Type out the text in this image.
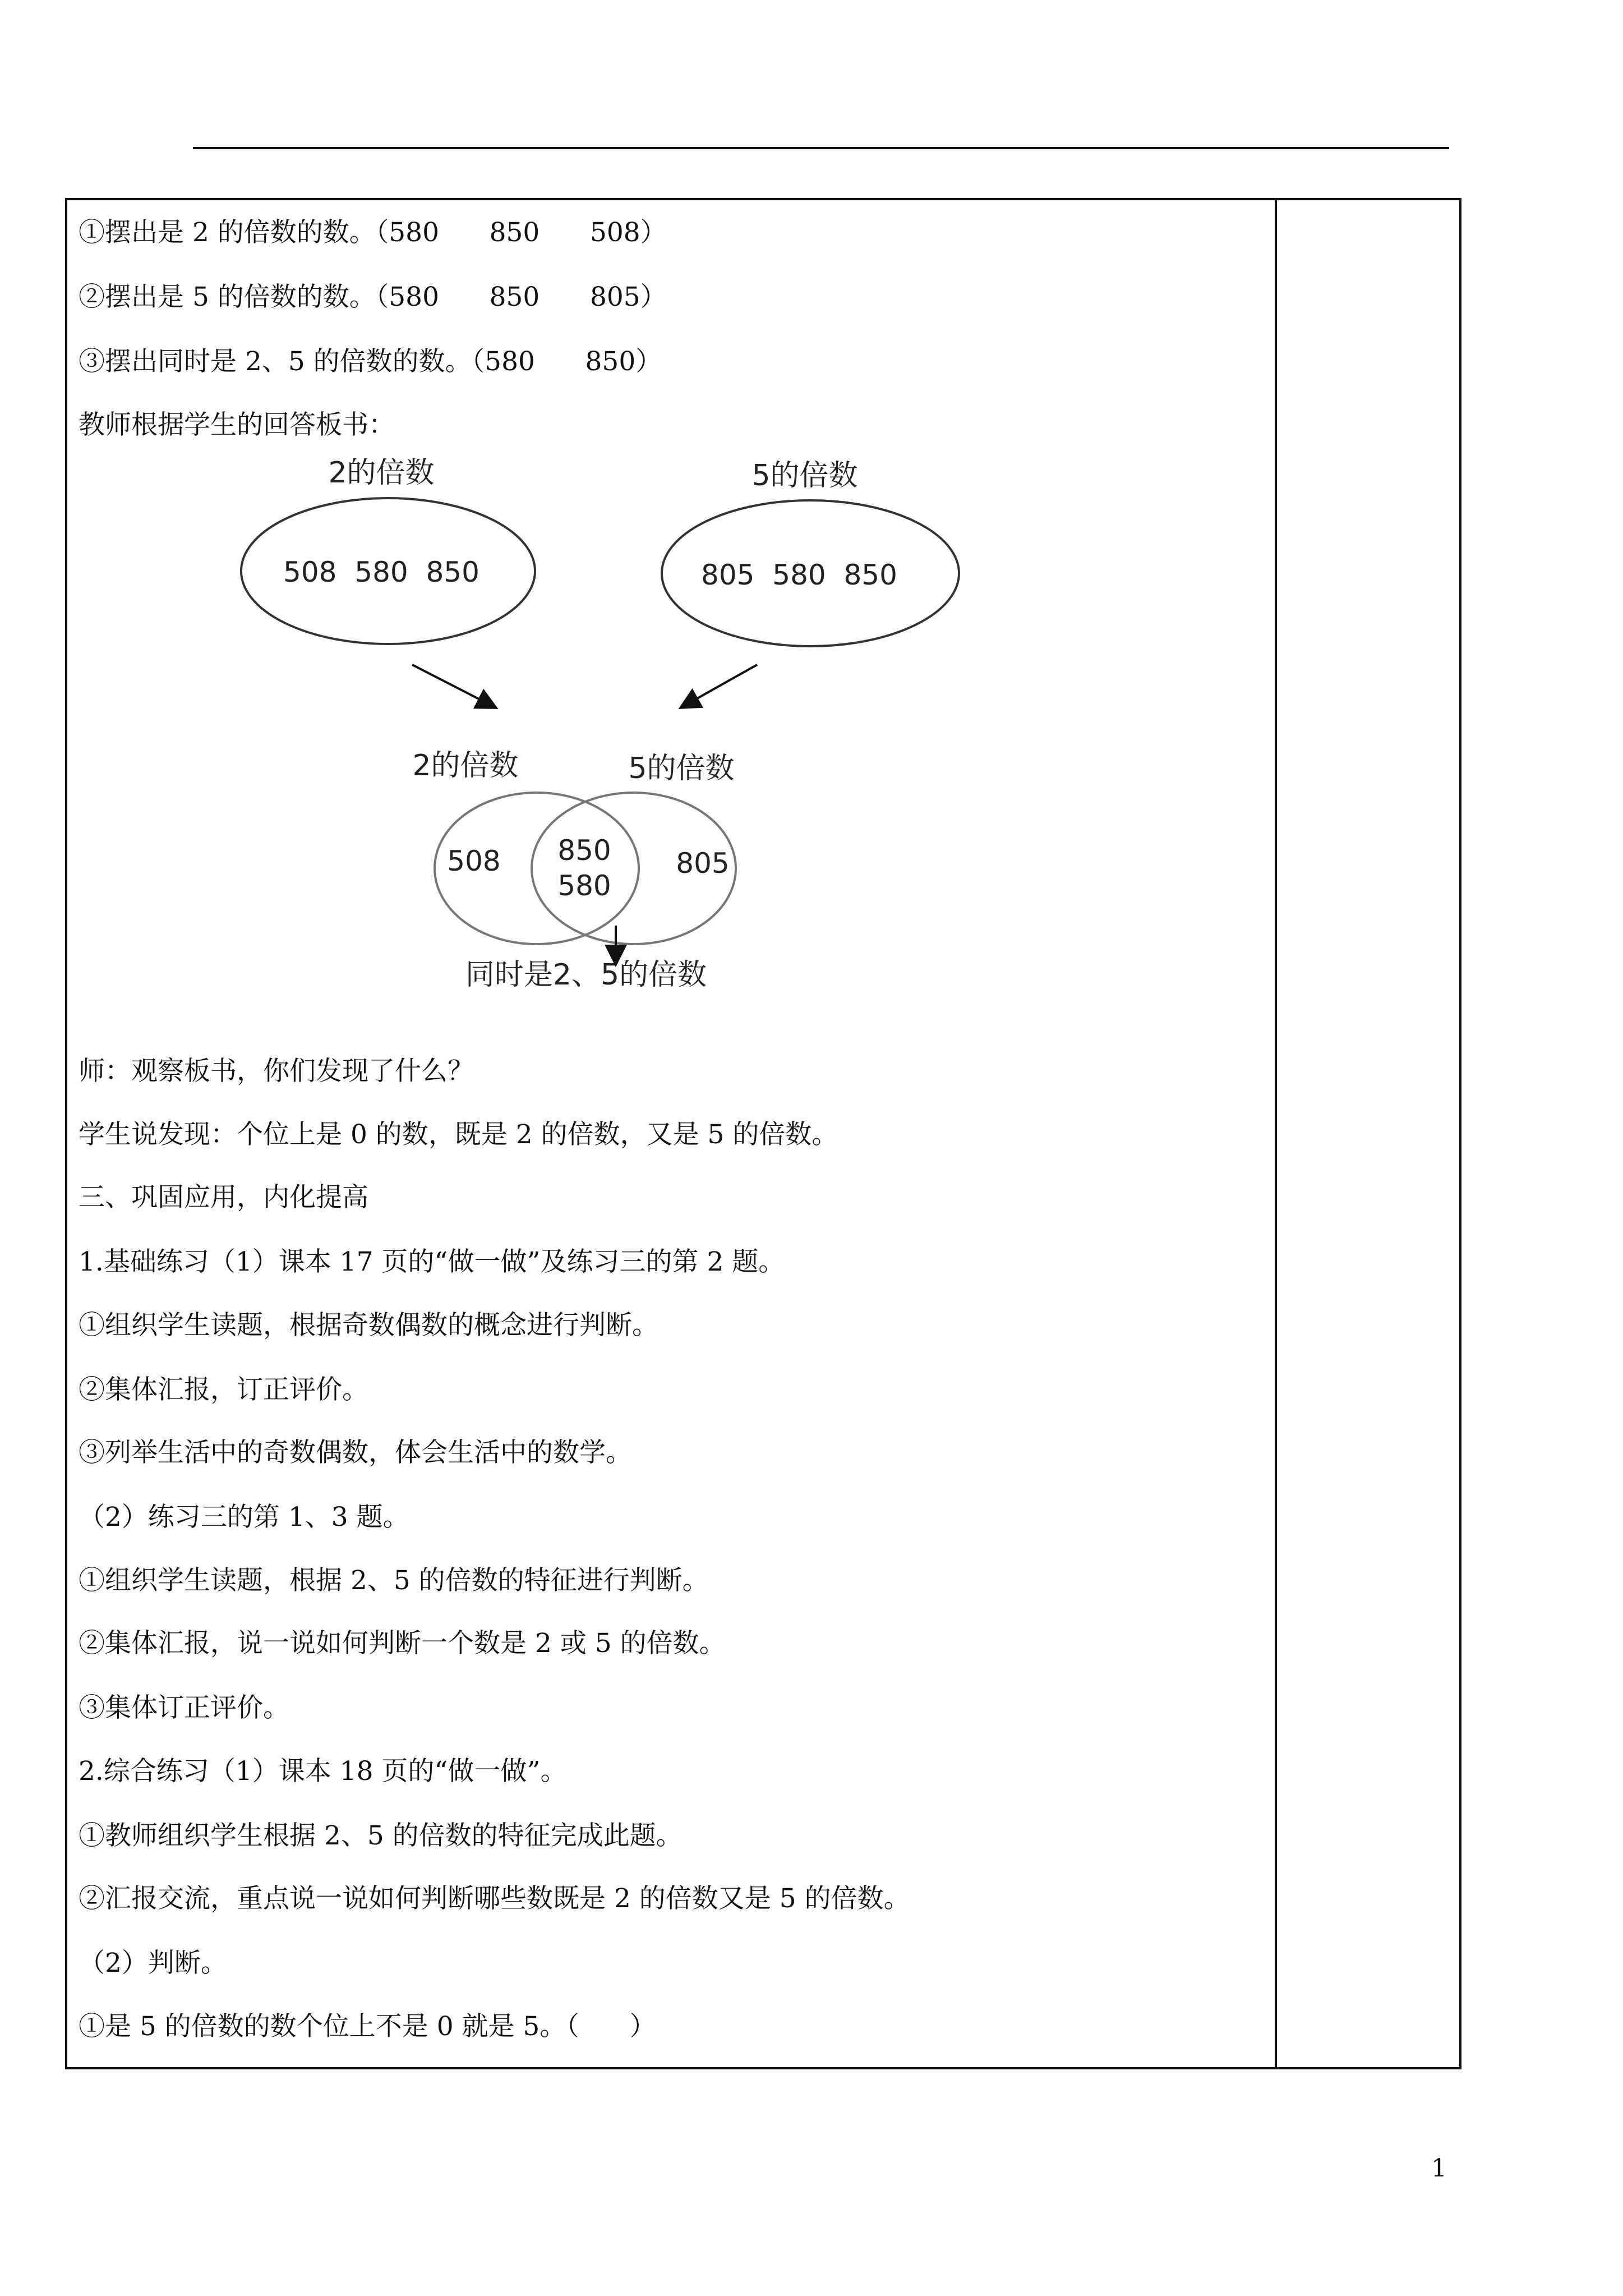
①摆出是 2 的倍数的数。（580      850      508）
②摆出是 5 的倍数的数。（580      850      805）
③摆出同时是 2、5 的倍数的数。（580      850）
教师根据学生的回答板书：
2的倍数
508  580  850
5的倍数
805  580  850
2的倍数	5的倍数
508 850
580
805
同时是2、5的倍数
师：观察板书，你们发现了什么？
学生说发现：个位上是 0 的数，既是 2 的倍数，又是 5 的倍数。
三、巩固应用，内化提高
1.基础练习（1）课本 17 页的“做一做”及练习三的第 2 题。
①组织学生读题，根据奇数偶数的概念进行判断。
②集体汇报，订正评价。
③列举生活中的奇数偶数，体会生活中的数学。
（2）练习三的第 1、3 题。
①组织学生读题，根据 2、5 的倍数的特征进行判断。
②集体汇报，说一说如何判断一个数是 2 或 5 的倍数。
③集体订正评价。
2.综合练习（1）课本 18 页的“做一做”。
①教师组织学生根据 2、5 的倍数的特征完成此题。
②汇报交流，重点说一说如何判断哪些数既是 2 的倍数又是 5 的倍数。
（2）判断。
①是 5 的倍数的数个位上不是 0 就是 5。（      ）
1
